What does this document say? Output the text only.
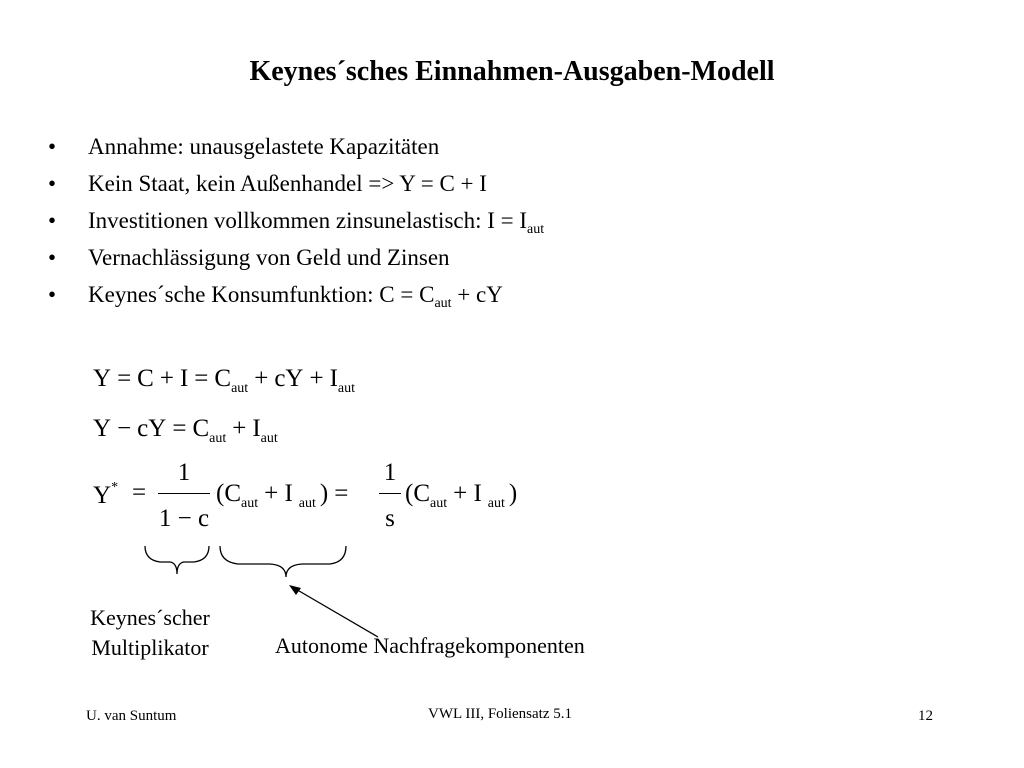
Keynes´sches Einnahmen-Ausgaben-Modell
• Annahme: unausgelastete Kapazitäten
• Kein Staat, kein Außenhandel => Y = C + I
• Investitionen vollkommen zinsunelastisch: $I = I_{aut}$
• Vernachlässigung von Geld und Zinsen
• Keynes´sche Konsumfunktion: $C = C_{aut}$ + cY
$Y = C + I = C_{aut}$ + cY + $I_{aut}$
Y − cY = $C_{aut} + I_{aut}$
Y* =
1
1 − c
($C_{aut} + I$ $_{aut}$ ) =
1
s
($C_{aut} + I$ $_{aut}$ )
Keynes´scher
Multiplikator	Autonome Nachfragekomponenten
U. van Suntum	VWL III, Foliensatz 5.1	12
